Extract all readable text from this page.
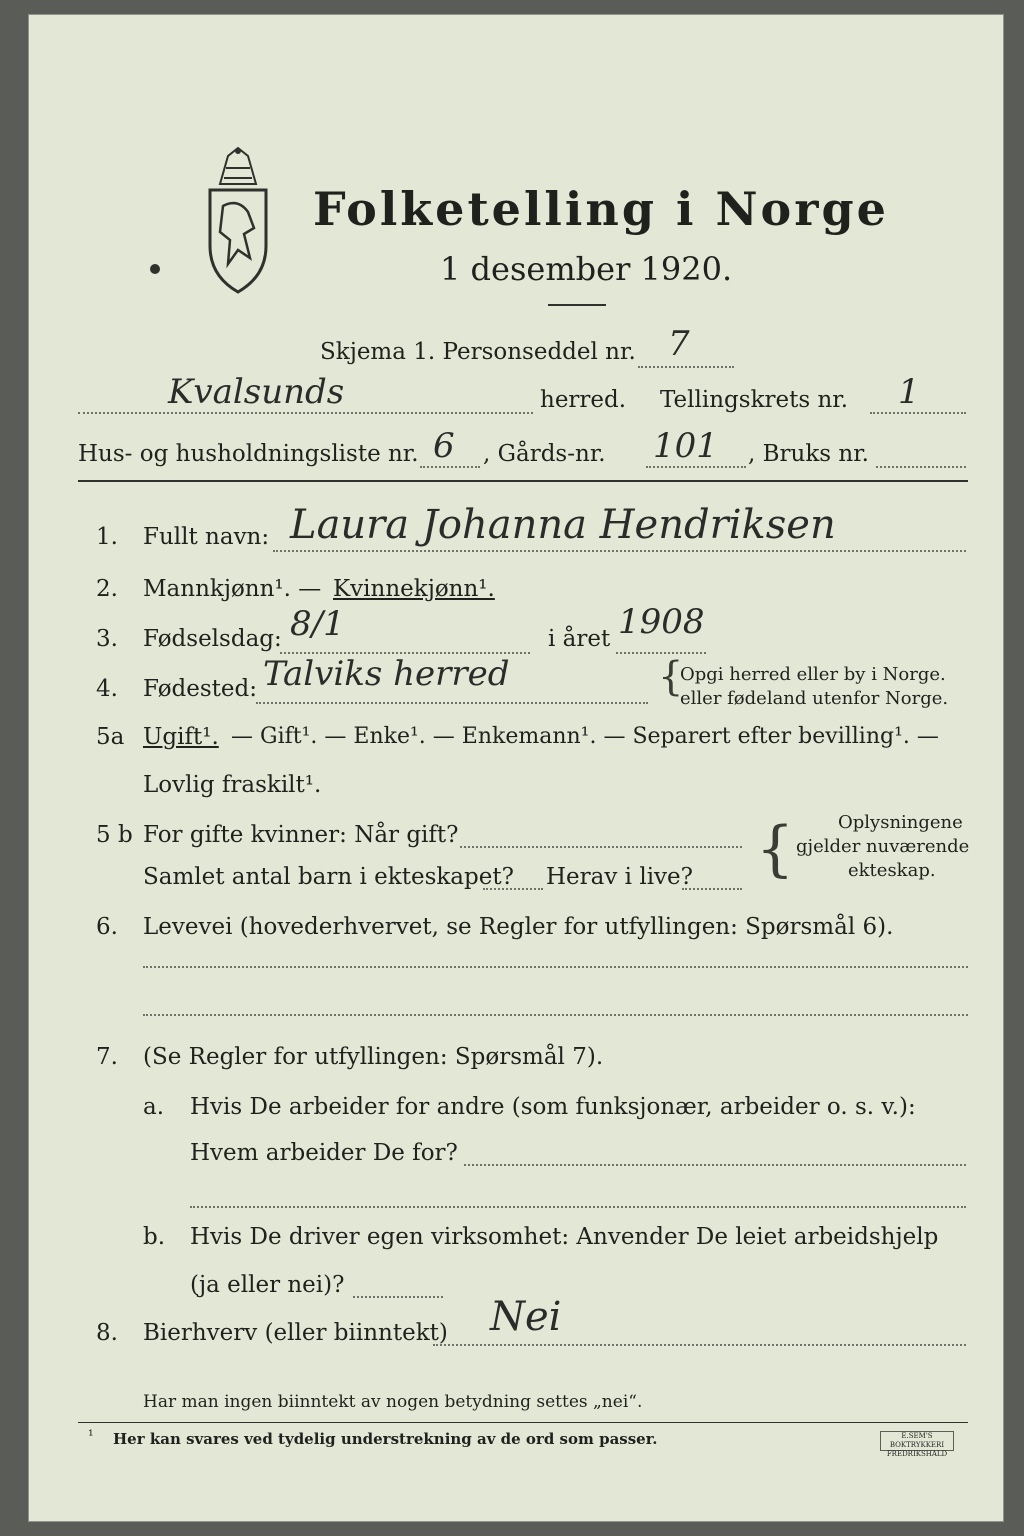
Folketelling i Norge
1 desember 1920.
Skjema 1. Personseddel nr. 7
Kvalsunds	herred. Tellingskrets nr. 1
Hus- og husholdningsliste nr. 6 , Gårds-nr. 101 , Bruks nr.
1. Fullt navn: Laura Johanna Hendriksen
2. Mannkjønn¹. — Kvinnekjønn¹.
3. Fødselsdag: 8/1	i året 1908
4. Fødested: Talviks herred	{
Opgi herred eller by i Norge.
eller fødeland utenfor Norge.
5a Ugift¹. — Gift¹. — Enke¹. — Enkemann¹. — Separert efter bevilling¹. —
Lovlig fraskilt¹.
5 b For gifte kvinner: Når gift?
Samlet antal barn i ekteskapet? Herav i live? { Oplysningene
gjelder nuværende
ekteskap.
6. Levevei (hovederhvervet, se Regler for utfyllingen: Spørsmål 6).
7. (Se Regler for utfyllingen: Spørsmål 7).
a. Hvis De arbeider for andre (som funksjonær, arbeider o. s. v.):
Hvem arbeider De for?
b. Hvis De driver egen virksomhet: Anvender De leiet arbeidshjelp
(ja eller nei)?
8. Bierhverv (eller biinntekt) Nei
Har man ingen biinntekt av nogen betydning settes „nei“.
¹ Her kan svares ved tydelig understrekning av de ord som passer.	E.SEM'S BOKTRYKKERI FREDRIKSHALD
